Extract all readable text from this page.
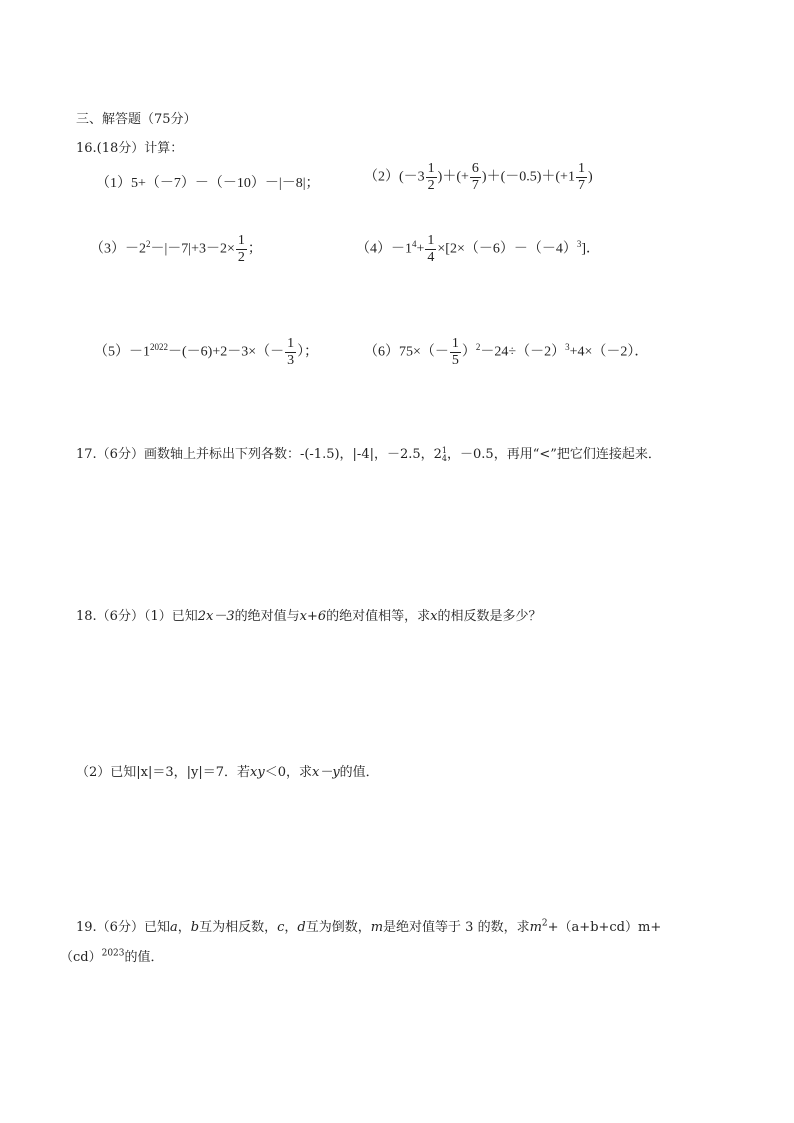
三、解答题（75分）
16.(18分）计算：
（1）5+（－7）－（－10）－|－8|；	$(2)(-3 \frac{1}{2}$ )＋(+ $\frac{6}{7} )+(-0.5)+(+1 \frac{1}{7}$ )
$(3)-2^2-|-7|+3-2\times \frac{1}{2}$ ；	$(4)-1^4+ \frac{1}{4} \times[2\times(-6)-(-4)^3]$．
$(5)-1^{2022}-(-6)+2-3\times(- \frac{1}{3}$ ）；	$(6)75\times(- \frac{1}{5} )^2-24\div(-2)^3+4\times(-2)$．
17.（6分）画数轴上并标出下列各数：-(-1.5)，|-4|，－2.5，2 1
4 ，－0.5，再用“<”把它们连接起来．
18.（6分）（1）已知2x－3的绝对值与x+6的绝对值相等，求x的相反数是多少？
（2）已知|x|＝3，|y|＝7．若xy＜0，求x－y的值．
19.（6分）已知a，b互为相反数，c，d互为倒数，m是绝对值等于 3 的数，求$m^2+(a+b+cd)m+$
（cd）$^{2023}$的值．
